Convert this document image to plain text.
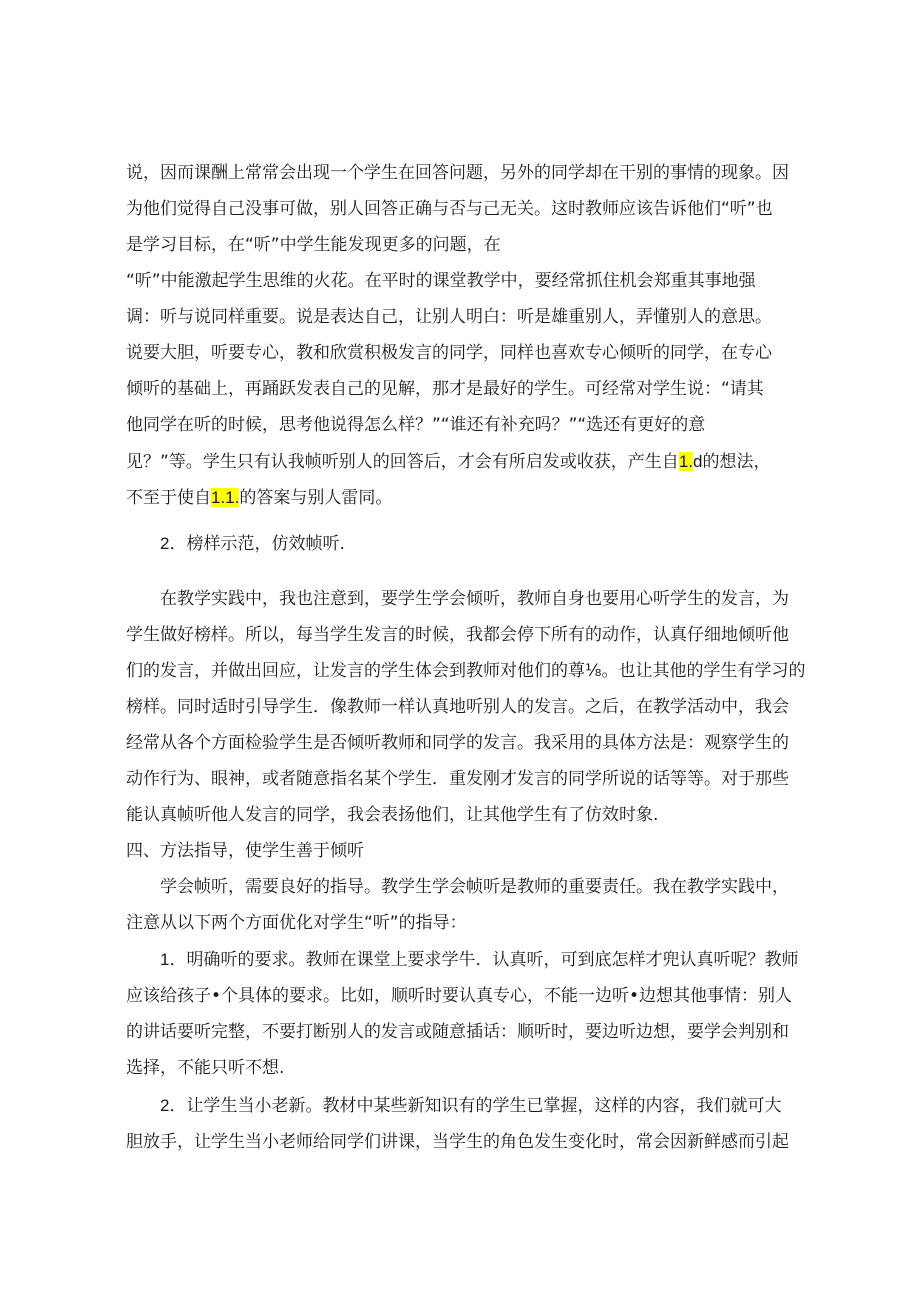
说，因而课酬上常常会出现一个学生在回答问题，另外的同学却在干别的事情的现象。因
为他们觉得自己没事可做，别人回答正确与否与己无关。这时教师应该告诉他们“听”也
是学习目标，在“听”中学生能发现更多的问题，在
“听”中能激起学生思维的火花。在平时的课堂教学中，要经常抓住机会郑重其事地强
调：听与说同样重要。说是表达自己，让别人明白：听是雄重别人，弄懂别人的意思。
说要大胆，听要专心，教和欣赏积极发言的同学，同样也喜欢专心倾听的同学，在专心
倾听的基础上，再踊跃发表自己的见解，那才是最好的学生。可经常对学生说：“请其
他同学在听的时候，思考他说得怎么样？”“谁还有补充吗？”“选还有更好的意
见？”等。学生只有认我帧听别人的回答后，才会有所启发或收获，产生自1.d的想法，
不至于使自1.1.的答案与别人雷同。
2．榜样示范，仿效帧听.
在教学实践中，我也注意到，要学生学会倾听，教师自身也要用心听学生的发言，为
学生做好榜样。所以，每当学生发言的时候，我都会停下所有的动作，认真仔细地倾听他
们的发言，并做出回应，让发言的学生体会到教师对他们的尊⅛。也让其他的学生有学习的
榜样。同时适时引导学生．像教师一样认真地听别人的发言。之后，在教学活动中，我会
经常从各个方面检验学生是否倾听教师和同学的发言。我采用的具体方法是：观察学生的
动作行为、眼神，或者随意指名某个学生．重发刚才发言的同学所说的话等等。对于那些
能认真帧听他人发言的同学，我会表扬他们，让其他学生有了仿效时象.
四、方法指导，使学生善于倾听
学会帧听，需要良好的指导。教学生学会帧听是教师的重要责任。我在教学实践中，
注意从以下两个方面优化对学生“听”的指导：
1．明确听的要求。教师在课堂上要求学牛．认真听，可到底怎样才兜认真听呢？教师
应该给孩子•个具体的要求。比如，顺听时要认真专心，不能一边听•边想其他事情：别人
的讲话要听完整，不要打断别人的发言或随意插话：顺听时，要边听边想，要学会判别和
选择，不能只听不想.
2．让学生当小老新。教材中某些新知识有的学生已掌握，这样的内容，我们就可大
胆放手，让学生当小老师给同学们讲课，当学生的角色发生变化时，常会因新鲜感而引起
